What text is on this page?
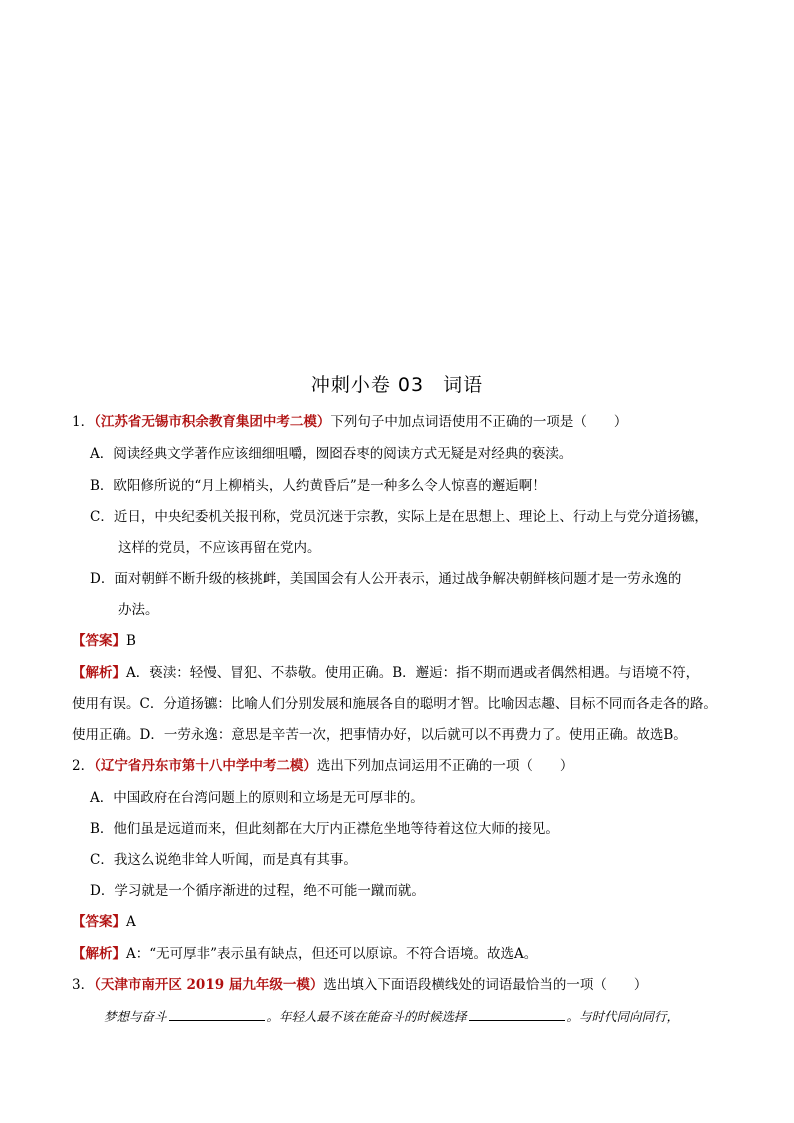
冲刺小卷 03 词语
1．（江苏省无锡市积余教育集团中考二模）下列句子中加点词语使用不正确的一项是（　　）
A．阅读经典文学著作应该细细咀嚼，囫囵吞枣的阅读方式无疑是对经典的亵渎。
B．欧阳修所说的“月上柳梢头，人约黄昏后”是一种多么令人惊喜的邂逅啊！
C．近日，中央纪委机关报刊称，党员沉迷于宗教，实际上是在思想上、理论上、行动上与党分道扬镳，
这样的党员，不应该再留在党内。
D．面对朝鲜不断升级的核挑衅，美国国会有人公开表示，通过战争解决朝鲜核问题才是一劳永逸的
办法。
【答案】B
【解析】A．亵渎：轻慢、冒犯、不恭敬。使用正确。B．邂逅：指不期而遇或者偶然相遇。与语境不符，
使用有误。C．分道扬镳：比喻人们分别发展和施展各自的聪明才智。比喻因志趣、目标不同而各走各的路。
使用正确。D．一劳永逸：意思是辛苦一次，把事情办好，以后就可以不再费力了。使用正确。故选B。
2．（辽宁省丹东市第十八中学中考二模）选出下列加点词运用不正确的一项（　　）
A．中国政府在台湾问题上的原则和立场是无可厚非的。
B．他们虽是远道而来，但此刻都在大厅内正襟危坐地等待着这位大师的接见。
C．我这么说绝非耸人听闻，而是真有其事。
D．学习就是一个循序渐进的过程，绝不可能一蹴而就。
【答案】A
【解析】A：“无可厚非”表示虽有缺点，但还可以原谅。不符合语境。故选A。
3．（天津市南开区 2019 届九年级一模）选出填入下面语段横线处的词语最恰当的一项（　　）
梦想与奋斗	。年轻人最不该在能奋斗的时候选择	。与时代同向同行，
